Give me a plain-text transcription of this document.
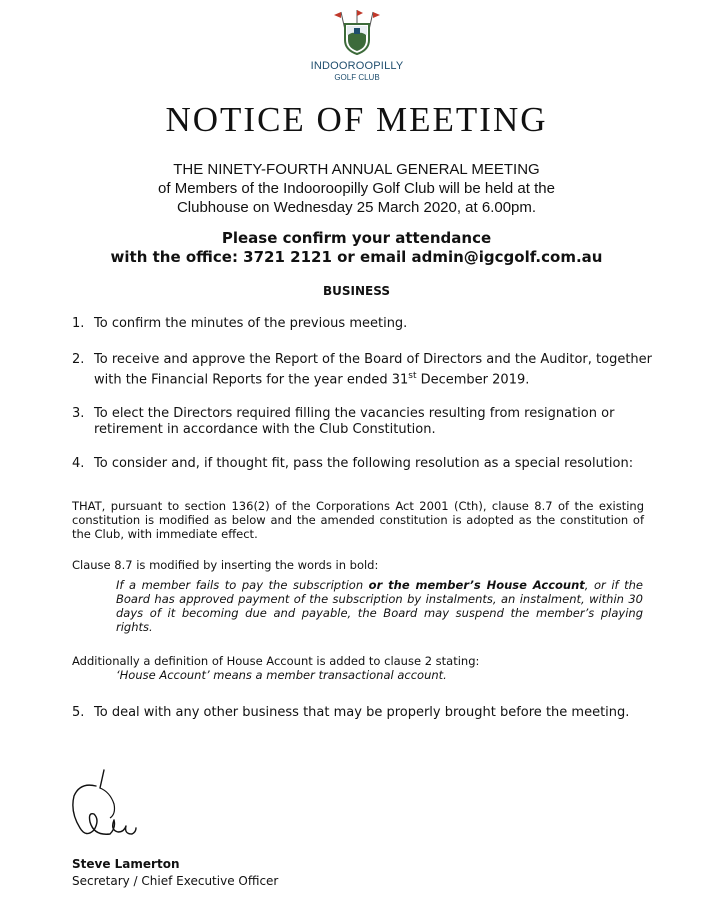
INDOOROOPILLY
GOLF CLUB
NOTICE OF MEETING
THE NINETY-FOURTH ANNUAL GENERAL MEETING
of Members of the Indooroopilly Golf Club will be held at the
Clubhouse on Wednesday 25 March 2020, at 6.00pm.
Please confirm your attendance
with the office: 3721 2121 or email admin@igcgolf.com.au
BUSINESS
1. To confirm the minutes of the previous meeting.
2. To receive and approve the Report of the Board of Directors and the Auditor, together with the Financial Reports for the year ended 31st December 2019.
3. To elect the Directors required filling the vacancies resulting from resignation or retirement in accordance with the Club Constitution.
4. To consider and, if thought fit, pass the following resolution as a special resolution:
THAT, pursuant to section 136(2) of the Corporations Act 2001 (Cth), clause 8.7 of the existing constitution is modified as below and the amended constitution is adopted as the constitution of the Club, with immediate effect.
Clause 8.7 is modified by inserting the words in bold:
If a member fails to pay the subscription or the member’s House Account, or if the Board has approved payment of the subscription by instalments, an instalment, within 30 days of it becoming due and payable, the Board may suspend the member’s playing rights.
Additionally a definition of House Account is added to clause 2 stating:
‘House Account’ means a member transactional account.
5. To deal with any other business that may be properly brought before the meeting.
Steve Lamerton
Secretary / Chief Executive Officer
